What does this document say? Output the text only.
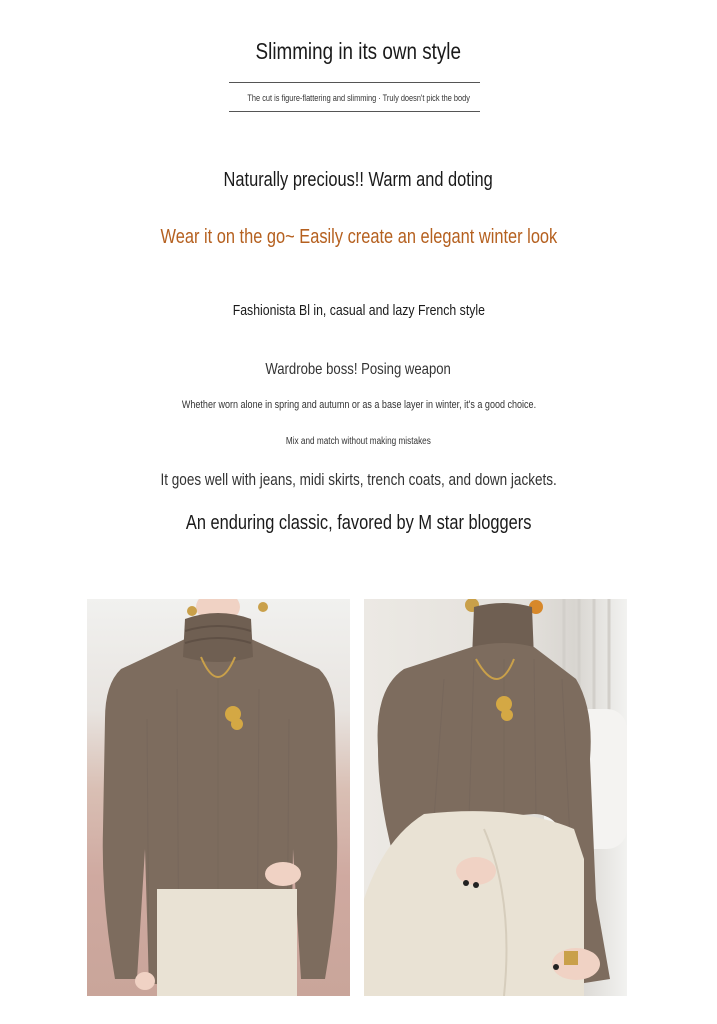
Slimming in its own style
The cut is figure-flattering and slimming · Truly doesn't pick the body
Naturally precious!! Warm and doting
Wear it on the go~ Easily create an elegant winter look
Fashionista Bl in, casual and lazy French style
Wardrobe boss! Posing weapon
Whether worn alone in spring and autumn or as a base layer in winter, it's a good choice.
Mix and match without making mistakes
It goes well with jeans, midi skirts, trench coats, and down jackets.
An enduring classic, favored by M star bloggers
